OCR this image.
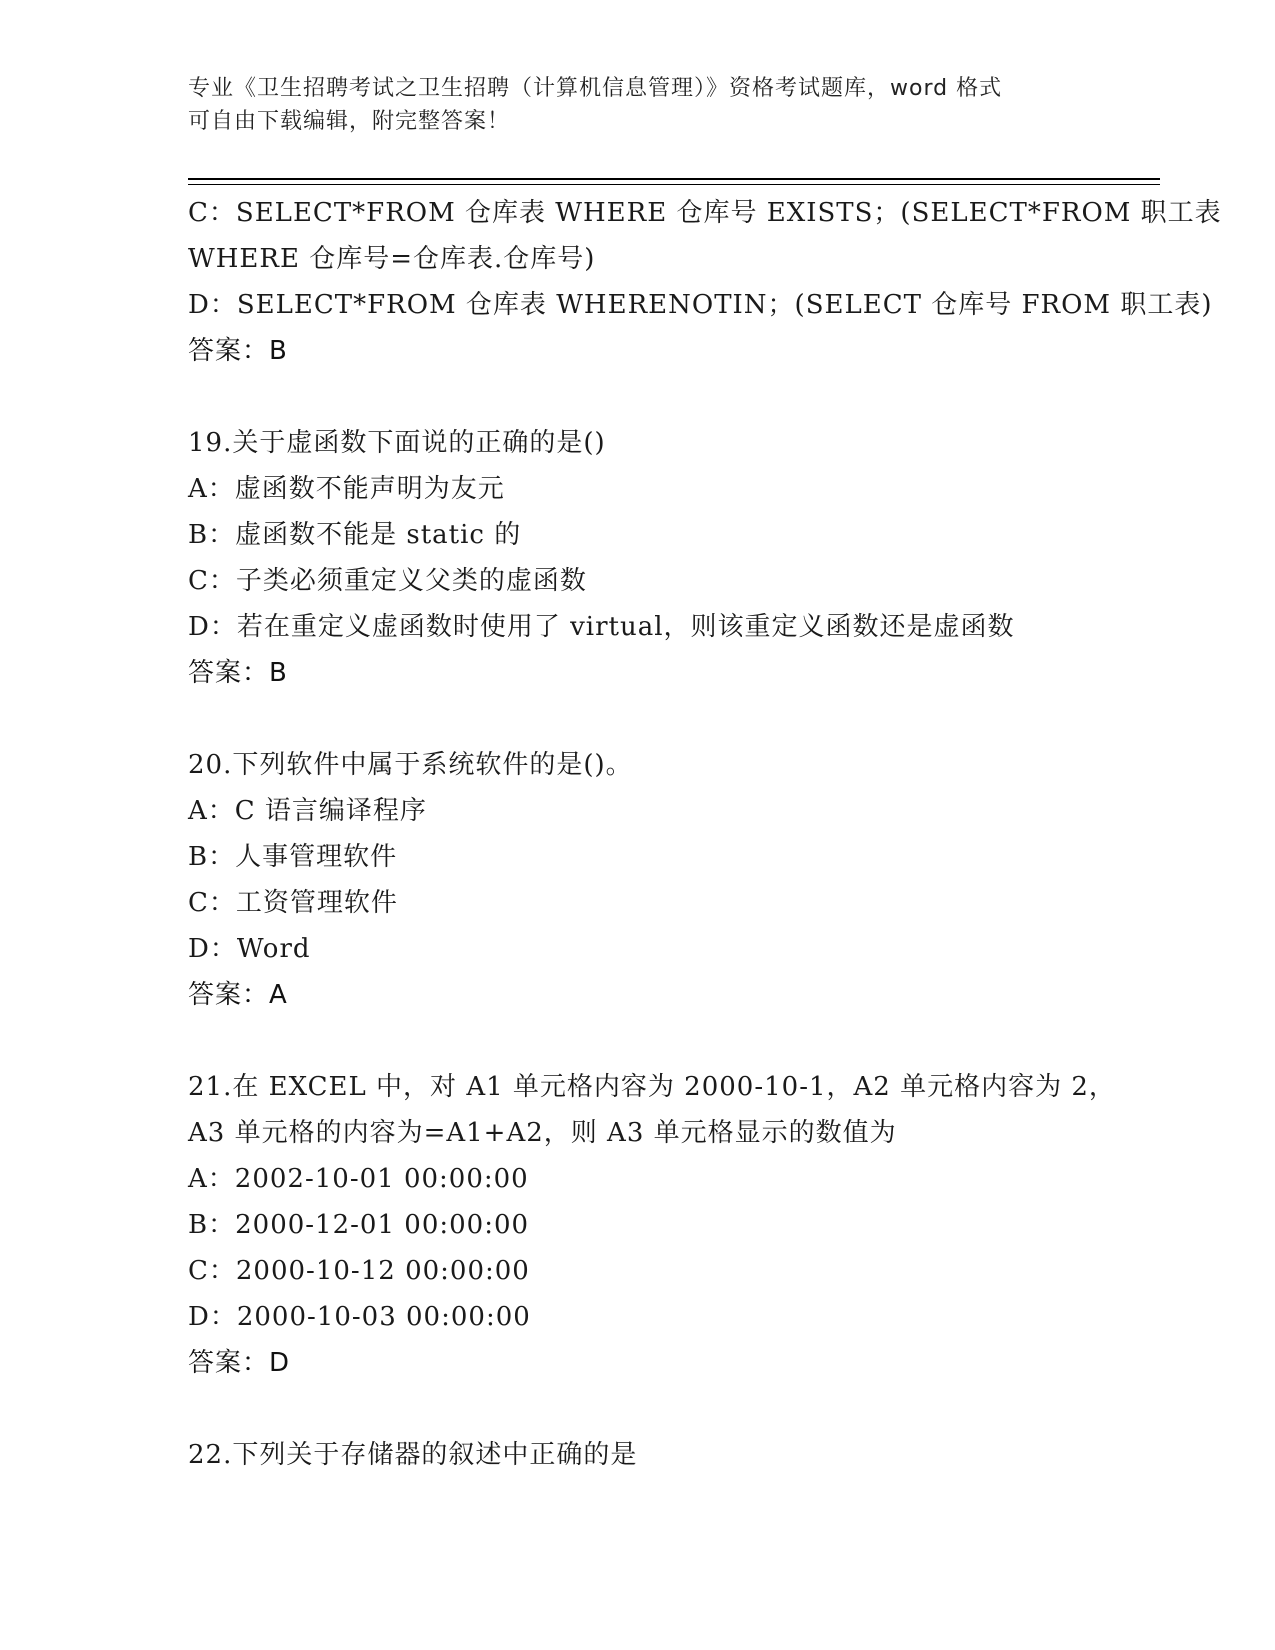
专业《卫生招聘考试之卫生招聘（计算机信息管理）》资格考试题库，word 格式
可自由下载编辑，附完整答案！
C：SELECT*FROM 仓库表 WHERE 仓库号 EXISTS；(SELECT*FROM 职工表
WHERE 仓库号=仓库表.仓库号)
D：SELECT*FROM 仓库表 WHERENOTIN；(SELECT 仓库号 FROM 职工表)
答案：B
19.关于虚函数下面说的正确的是()
A：虚函数不能声明为友元
B：虚函数不能是 static 的
C：子类必须重定义父类的虚函数
D：若在重定义虚函数时使用了 virtual，则该重定义函数还是虚函数
答案：B
20.下列软件中属于系统软件的是()。
A：C 语言编译程序
B：人事管理软件
C：工资管理软件
D：Word
答案：A
21.在 EXCEL 中，对 A1 单元格内容为 2000-10-1，A2 单元格内容为 2，
A3 单元格的内容为=A1+A2，则 A3 单元格显示的数值为
A：2002-10-01 00:00:00
B：2000-12-01 00:00:00
C：2000-10-12 00:00:00
D：2000-10-03 00:00:00
答案：D
22.下列关于存储器的叙述中正确的是
